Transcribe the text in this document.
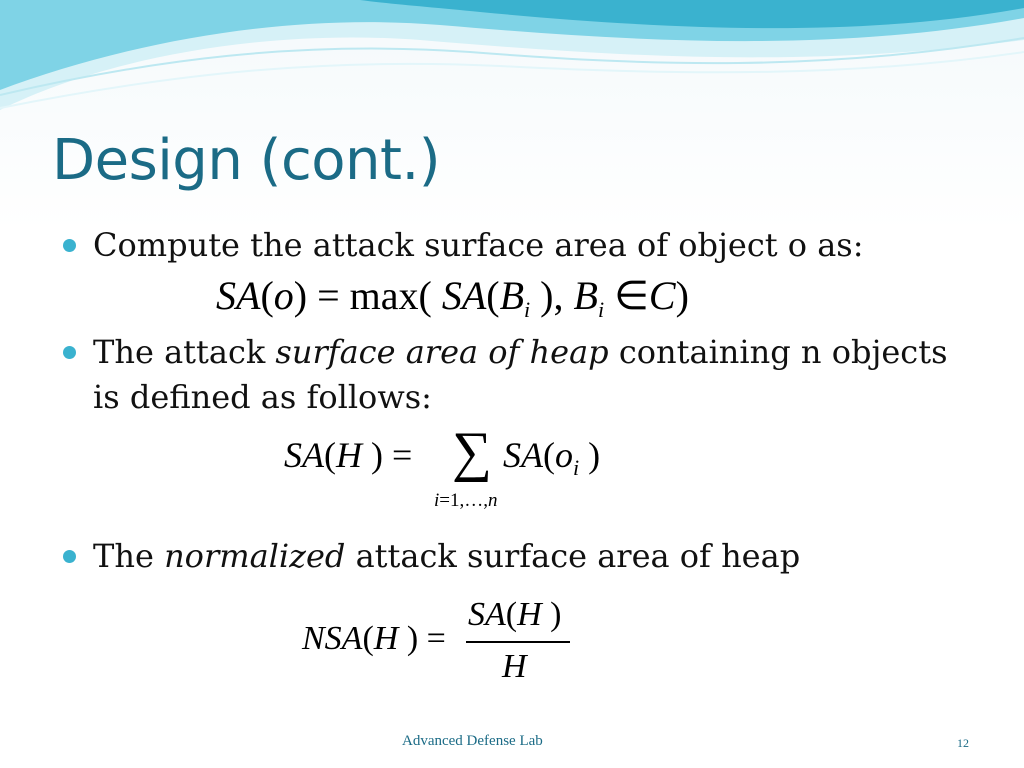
Design (cont.)
Compute the attack surface area of object o as:
SA(o) = max( $SA(B_i$ ), $B_i$ ∈C)
The attack surface area of heap containing n objects is defined as follows:
SA(H ) = ∑ $SA(o_i$ )
i=1,…,n
The normalized attack surface area of heap
NSA(H ) =
SA(H )
H
Advanced Defense Lab	12
